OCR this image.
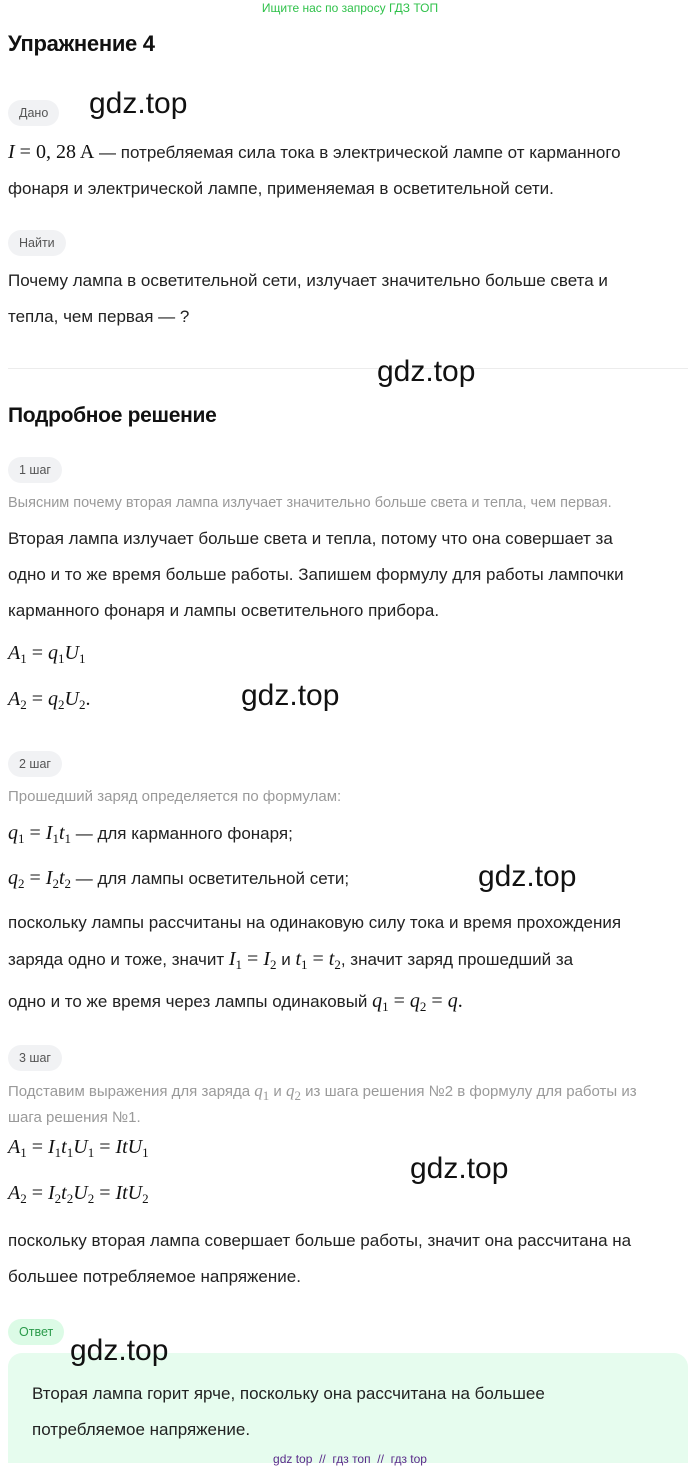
Ищите нас по запросу ГДЗ ТОП
Упражнение 4
Дано	gdz.top
I = 0, 28 A — потребляемая сила тока в электрической лампе от карманного
фонаря и электрической лампе, применяемая в осветительной сети.
Найти
Почему лампа в осветительной сети, излучает значительно больше света и
тепла, чем первая — ?
gdz.top
Подробное решение
1 шаг
Выясним почему вторая лампа излучает значительно больше света и тепла, чем первая.
Вторая лампа излучает больше света и тепла, потому что она совершает за
одно и то же время больше работы. Запишем формулу для работы лампочки
карманного фонаря и лампы осветительного прибора.
$A_1 = q_1U_1$
$A_2 = q_2U_2$.	gdz.top
2 шаг
Прошедший заряд определяется по формулам:
$q_1 = I_1t_1$ — для карманного фонаря;
$q_2 = I_2t_2$ — для лампы осветительной сети;	gdz.top
поскольку лампы рассчитаны на одинаковую силу тока и время прохождения
заряда одно и тоже, значит $I_1 = I_2$ и $t_1 = t_2$, значит заряд прошедший за
одно и то же время через лампы одинаковый $q_1 = q_2 = q$.
3 шаг
Подставим выражения для заряда $q_1$ и $q_2$ из шага решения №2 в формулу для работы из
шага решения №1.
$A_1 = I_1t_1U_1 = ItU_1$
$A_2 = I_2t_2U_2 = ItU_2$
gdz.top
поскольку вторая лампа совершает больше работы, значит она рассчитана на
большее потребляемое напряжение.
Ответ
gdz.top
Вторая лампа горит ярче, поскольку она рассчитана на большее
потребляемое напряжение.
gdz top  //  гдз топ  //  гдз top
